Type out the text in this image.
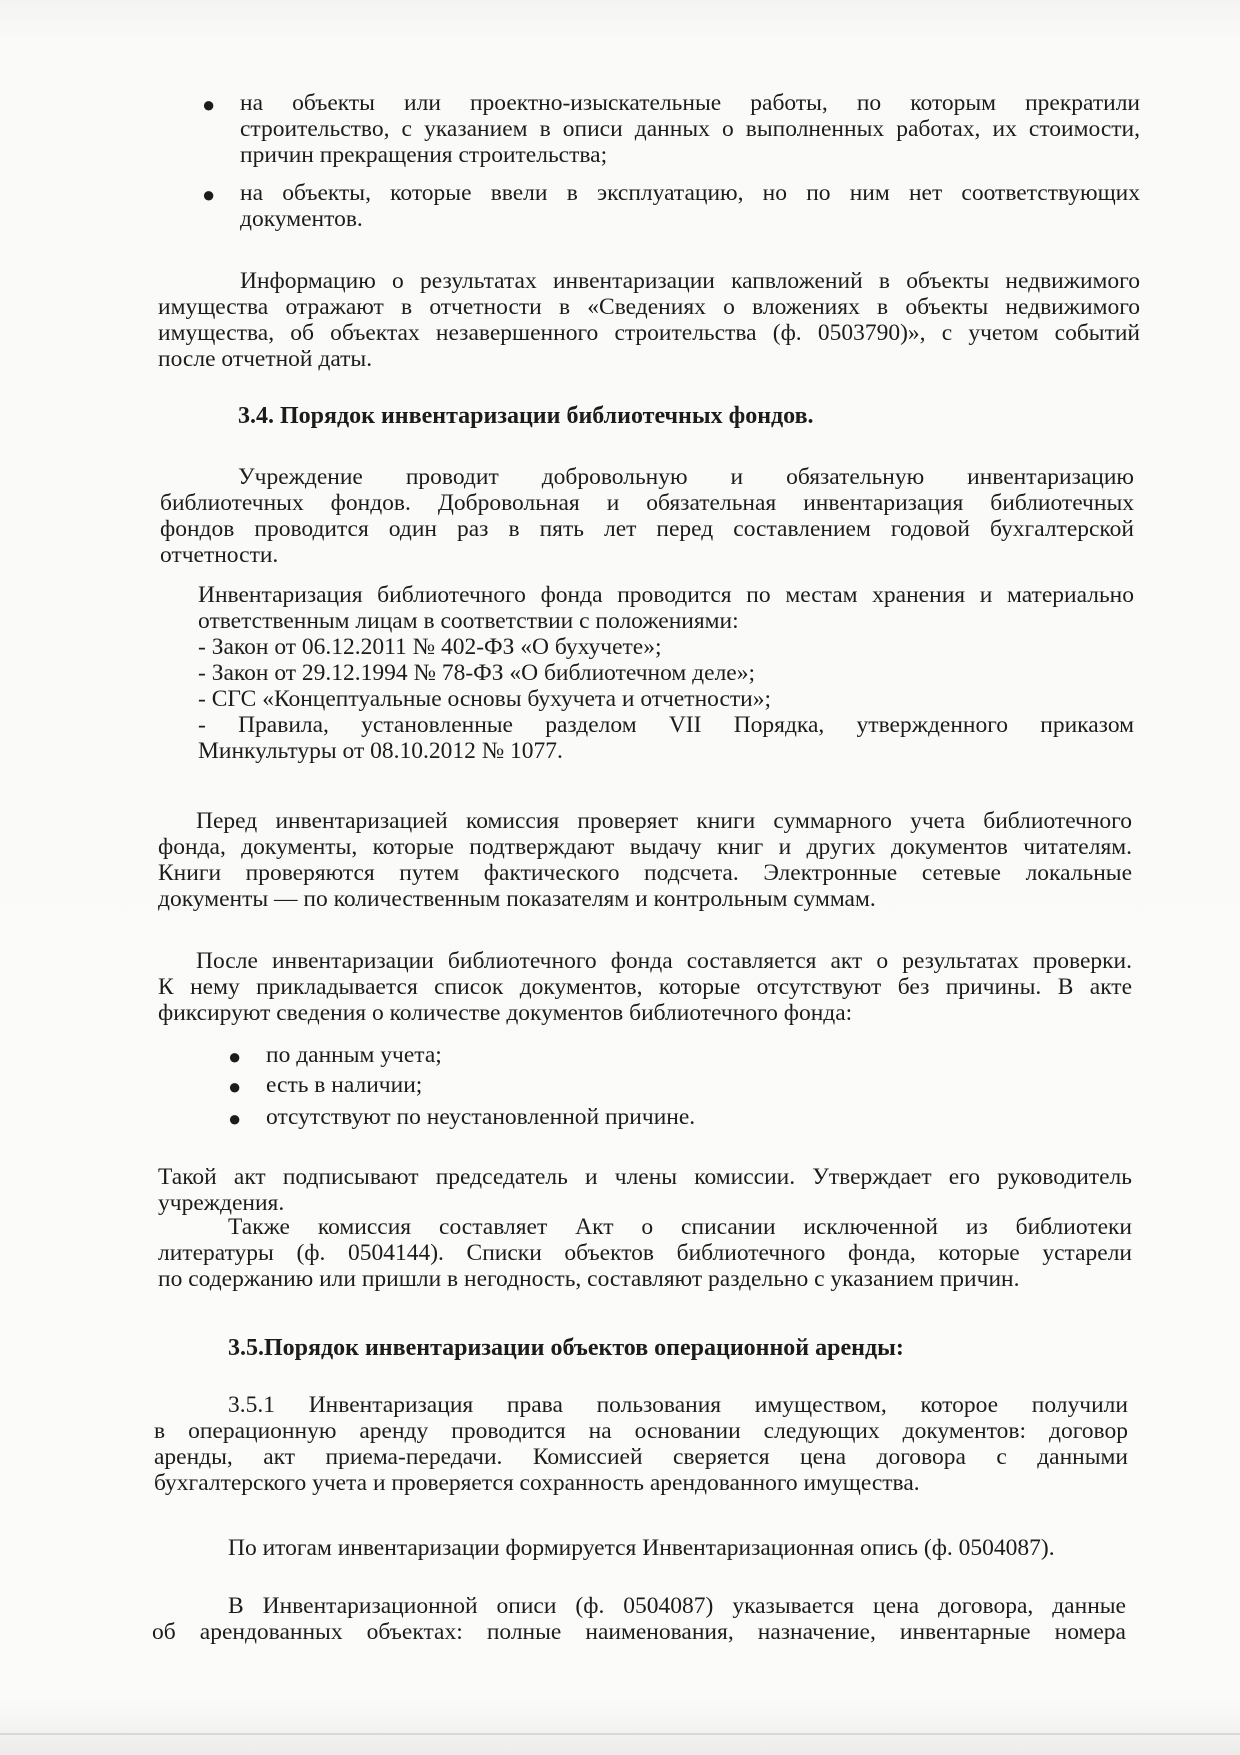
● на объекты или проектно-изыскательные работы, по которым прекратили
строительство, с указанием в описи данных о выполненных работах, их стоимости,
причин прекращения строительства;
● на объекты, которые ввели в эксплуатацию, но по ним нет соответствующих
документов.
Информацию о результатах инвентаризации капвложений в объекты недвижимого
имущества отражают в отчетности в «Сведениях о вложениях в объекты недвижимого
имущества, об объектах незавершенного строительства (ф. 0503790)», с учетом событий
после отчетной даты.
3.4. Порядок инвентаризации библиотечных фондов.
Учреждение проводит добровольную и обязательную инвентаризацию
библиотечных фондов. Добровольная и обязательная инвентаризация библиотечных
фондов проводится один раз в пять лет перед составлением годовой бухгалтерской
отчетности.
Инвентаризация библиотечного фонда проводится по местам хранения и материально
ответственным лицам в соответствии с положениями:
- Закон от 06.12.2011 № 402-ФЗ «О бухучете»;
- Закон от 29.12.1994 № 78-ФЗ «О библиотечном деле»;
- СГС «Концептуальные основы бухучета и отчетности»;
- Правила, установленные разделом VII Порядка, утвержденного приказом
Минкультуры от 08.10.2012 № 1077.
Перед инвентаризацией комиссия проверяет книги суммарного учета библиотечного
фонда, документы, которые подтверждают выдачу книг и других документов читателям.
Книги проверяются путем фактического подсчета. Электронные сетевые локальные
документы — по количественным показателям и контрольным суммам.
После инвентаризации библиотечного фонда составляется акт о результатах проверки.
К нему прикладывается список документов, которые отсутствуют без причины. В акте
фиксируют сведения о количестве документов библиотечного фонда:
● по данным учета;
● есть в наличии;
● отсутствуют по неустановленной причине.
Такой акт подписывают председатель и члены комиссии. Утверждает его руководитель
учреждения.
Также комиссия составляет Акт о списании исключенной из библиотеки
литературы (ф. 0504144). Списки объектов библиотечного фонда, которые устарели
по содержанию или пришли в негодность, составляют раздельно с указанием причин.
3.5.Порядок инвентаризации объектов операционной аренды:
3.5.1 Инвентаризация права пользования имуществом, которое получили
в операционную аренду проводится на основании следующих документов: договор
аренды, акт приема-передачи. Комиссией сверяется цена договора с данными
бухгалтерского учета и проверяется сохранность арендованного имущества.
По итогам инвентаризации формируется Инвентаризационная опись (ф. 0504087).
В Инвентаризационной описи (ф. 0504087) указывается цена договора, данные
об арендованных объектах: полные наименования, назначение, инвентарные номера
